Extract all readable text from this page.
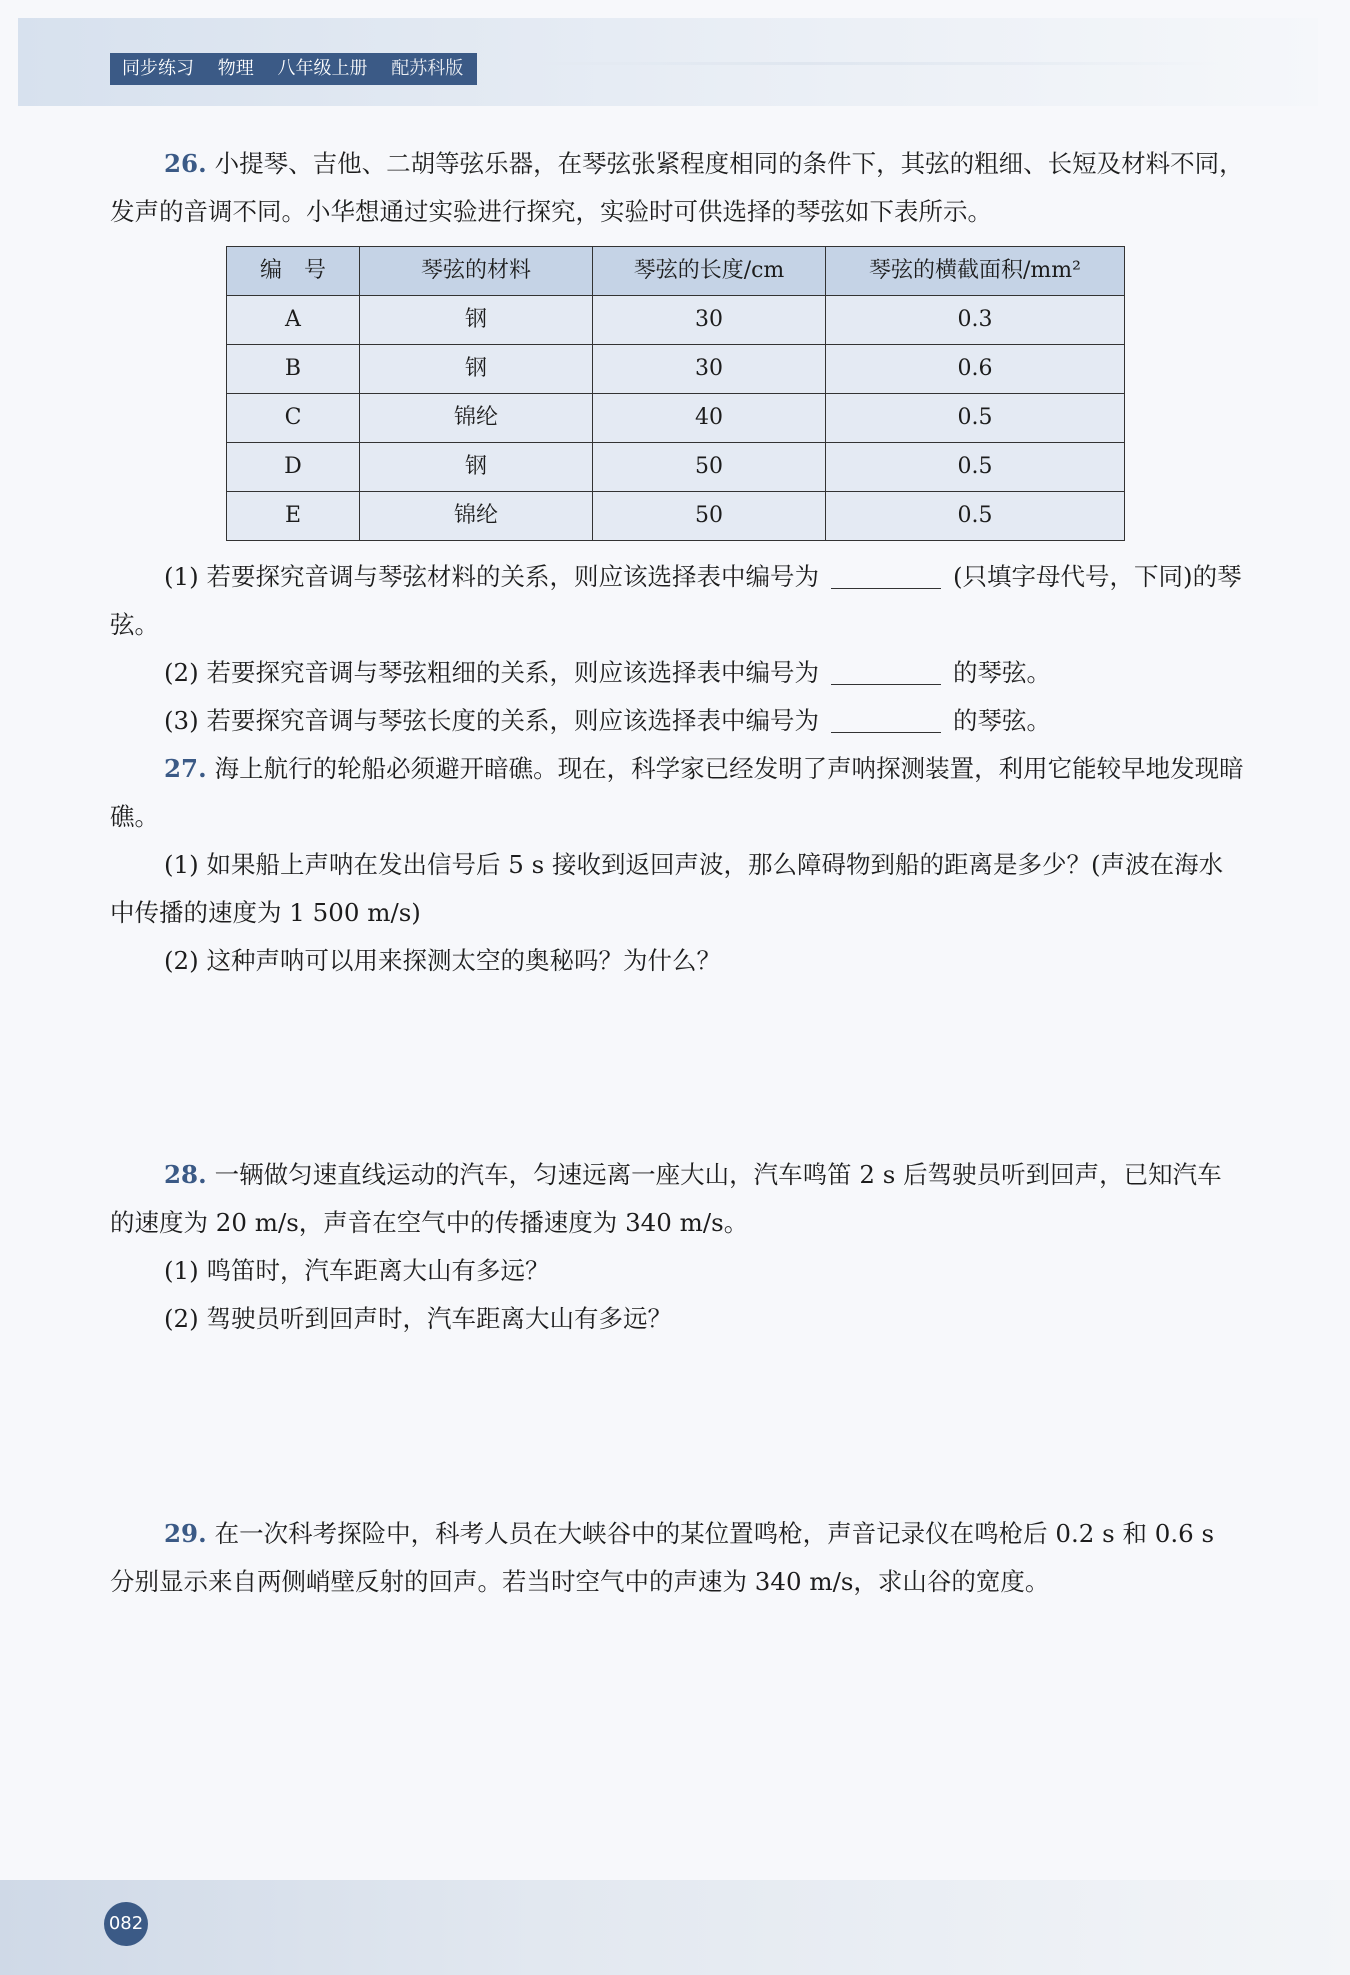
同步练习 物理 八年级上册 配苏科版

26. 小提琴、吉他、二胡等弦乐器，在琴弦张紧程度相同的条件下，其弦的粗细、长短及材料不同，发声的音调不同。小华想通过实验进行探究，实验时可供选择的琴弦如下表所示。

编　号	琴弦的材料	琴弦的长度/cm	琴弦的横截面积/mm²
A	钢	30	0.3
B	钢	30	0.6
C	锦纶	40	0.5
D	钢	50	0.5
E	锦纶	50	0.5

(1) 若要探究音调与琴弦材料的关系，则应该选择表中编号为	(只填字母代号，下同)的琴弦。

(2) 若要探究音调与琴弦粗细的关系，则应该选择表中编号为	的琴弦。

(3) 若要探究音调与琴弦长度的关系，则应该选择表中编号为	的琴弦。

27. 海上航行的轮船必须避开暗礁。现在，科学家已经发明了声呐探测装置，利用它能较早地发现暗礁。

(1) 如果船上声呐在发出信号后 5 s 接收到返回声波，那么障碍物到船的距离是多少？(声波在海水中传播的速度为 1 500 m/s)

(2) 这种声呐可以用来探测太空的奥秘吗？为什么？

28. 一辆做匀速直线运动的汽车，匀速远离一座大山，汽车鸣笛 2 s 后驾驶员听到回声，已知汽车的速度为 20 m/s，声音在空气中的传播速度为 340 m/s。

(1) 鸣笛时，汽车距离大山有多远？

(2) 驾驶员听到回声时，汽车距离大山有多远？

29. 在一次科考探险中，科考人员在大峡谷中的某位置鸣枪，声音记录仪在鸣枪后 0.2 s 和 0.6 s 分别显示来自两侧峭壁反射的回声。若当时空气中的声速为 340 m/s，求山谷的宽度。

082
